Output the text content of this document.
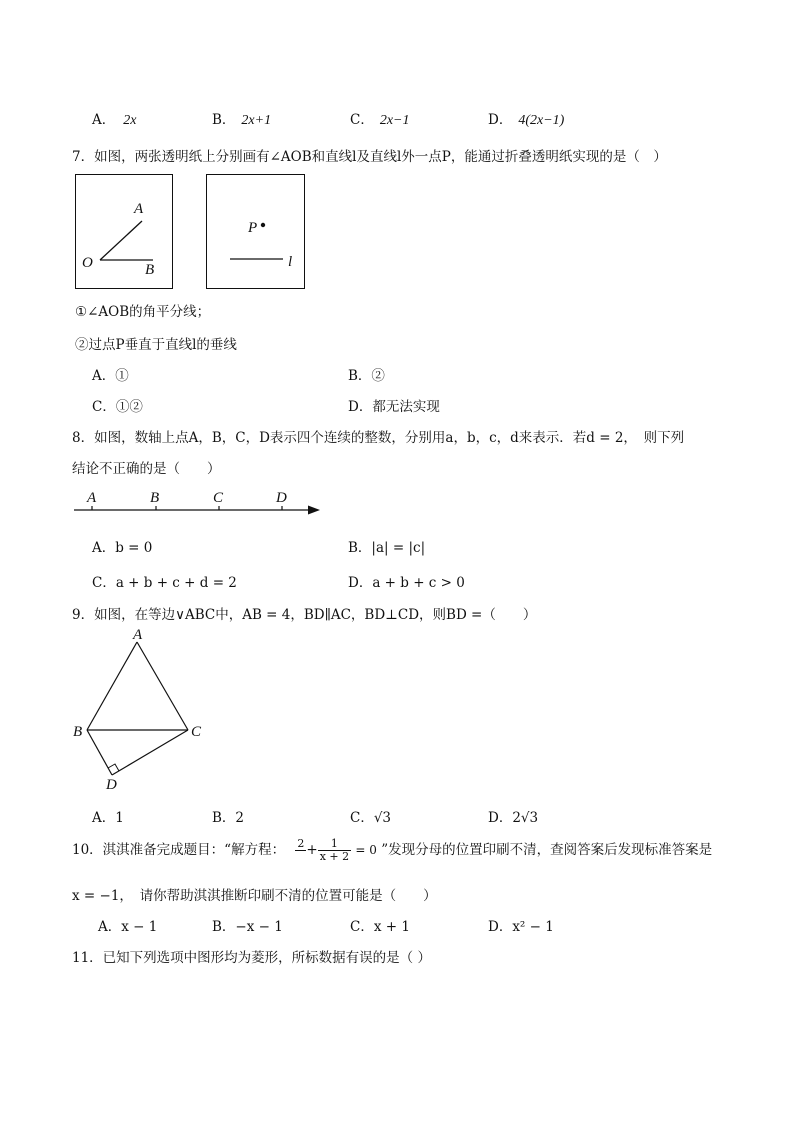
A． 2x	B． 2x+1	C． 2x−1	D． 4(2x−1)
7．如图，两张透明纸上分别画有∠AOB和直线l及直线l外一点P，能通过折叠透明纸实现的是（　）
A
O	B
P
l
①∠AOB的角平分线；
②过点P垂直于直线l的垂线
A．①	B．②
C．①②	D．都无法实现
8．如图，数轴上点A，B，C，D表示四个连续的整数，分别用a，b，c，d来表示．若d = 2，　则下列
结论不正确的是（　　）
A	B	C	D
A．b = 0	B．|a| = |c|
C．a + b + c + d = 2	D．a + b + c > 0
9．如图，在等边∨ABC中，AB = 4，BD∥AC，BD⊥CD，则BD =（　　）
A
B	C
D
A．1	B．2	C．√3	D．2√3
10．淇淇准备完成题目：“解方程： 2
+ $\frac{1}{x + 2} = 0$ ”发现分母的位置印刷不清，查阅答案后发现标准答案是
x = −1，　请你帮助淇淇推断印刷不清的位置可能是（　　）
A．x − 1	B．−x − 1	C．x + 1	D．x² − 1
11．已知下列选项中图形均为菱形，所标数据有误的是（ ）
